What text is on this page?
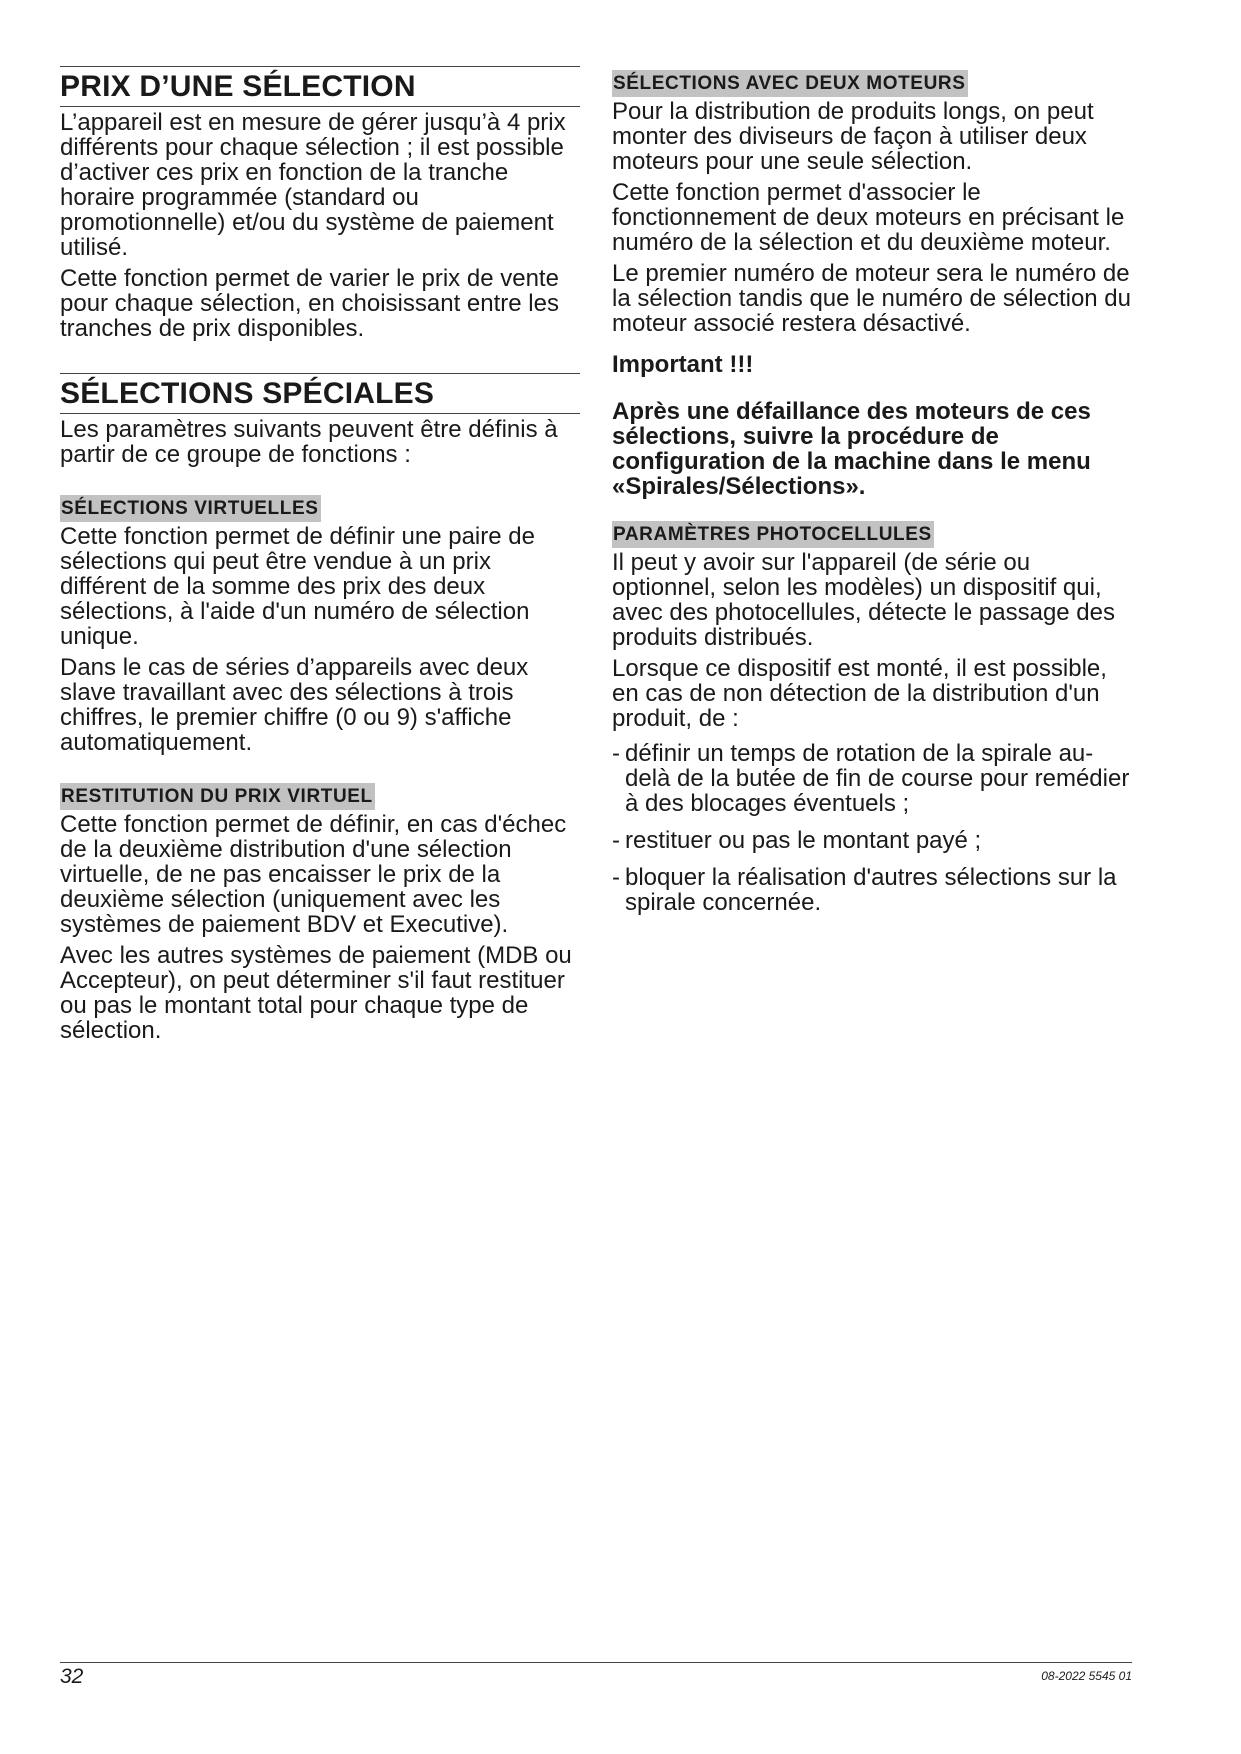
PRIX D’UNE SÉLECTION

L’appareil est en mesure de gérer jusqu’à 4 prix différents pour chaque sélection ; il est possible d’activer ces prix en fonction de la tranche horaire programmée (standard ou promotionnelle) et/ou du système de paiement utilisé.

Cette fonction permet de varier le prix de vente pour chaque sélection, en choisissant entre les tranches de prix disponibles.

SÉLECTIONS SPÉCIALES

Les paramètres suivants peuvent être définis à partir de ce groupe de fonctions :

SÉLECTIONS VIRTUELLES

Cette fonction permet de définir une paire de sélections qui peut être vendue à un prix différent de la somme des prix des deux sélections, à l'aide d'un numéro de sélection unique.

Dans le cas de séries d’appareils avec deux slave travaillant avec des sélections à trois chiffres, le premier chiffre (0 ou 9) s'affiche automatiquement.

RESTITUTION DU PRIX VIRTUEL

Cette fonction permet de définir, en cas d'échec de la deuxième distribution d'une sélection virtuelle, de ne pas encaisser le prix de la deuxième sélection (uniquement avec les systèmes de paiement BDV et Executive).

Avec les autres systèmes de paiement (MDB ou Accepteur), on peut déterminer s'il faut restituer ou pas le montant total pour chaque type de sélection.

SÉLECTIONS AVEC DEUX MOTEURS

Pour la distribution de produits longs, on peut monter des diviseurs de façon à utiliser deux moteurs pour une seule sélection.

Cette fonction permet d'associer le fonctionnement de deux moteurs en précisant le numéro de la sélection et du deuxième moteur.

Le premier numéro de moteur sera le numéro de la sélection tandis que le numéro de sélection du moteur associé restera désactivé.

Important !!!

Après une défaillance des moteurs de ces sélections, suivre la procédure de configuration de la machine dans le menu «Spirales/Sélections».

PARAMÈTRES PHOTOCELLULES

Il peut y avoir sur l'appareil (de série ou optionnel, selon les modèles) un dispositif qui, avec des photocellules, détecte le passage des produits distribués.

Lorsque ce dispositif est monté, il est possible, en cas de non détection de la distribution d'un produit, de :

- définir un temps de rotation de la spirale au-delà de la butée de fin de course pour remédier à des blocages éventuels ;
- restituer ou pas le montant payé ;
- bloquer la réalisation d'autres sélections sur la spirale concernée.
32	08-2022 5545 01
